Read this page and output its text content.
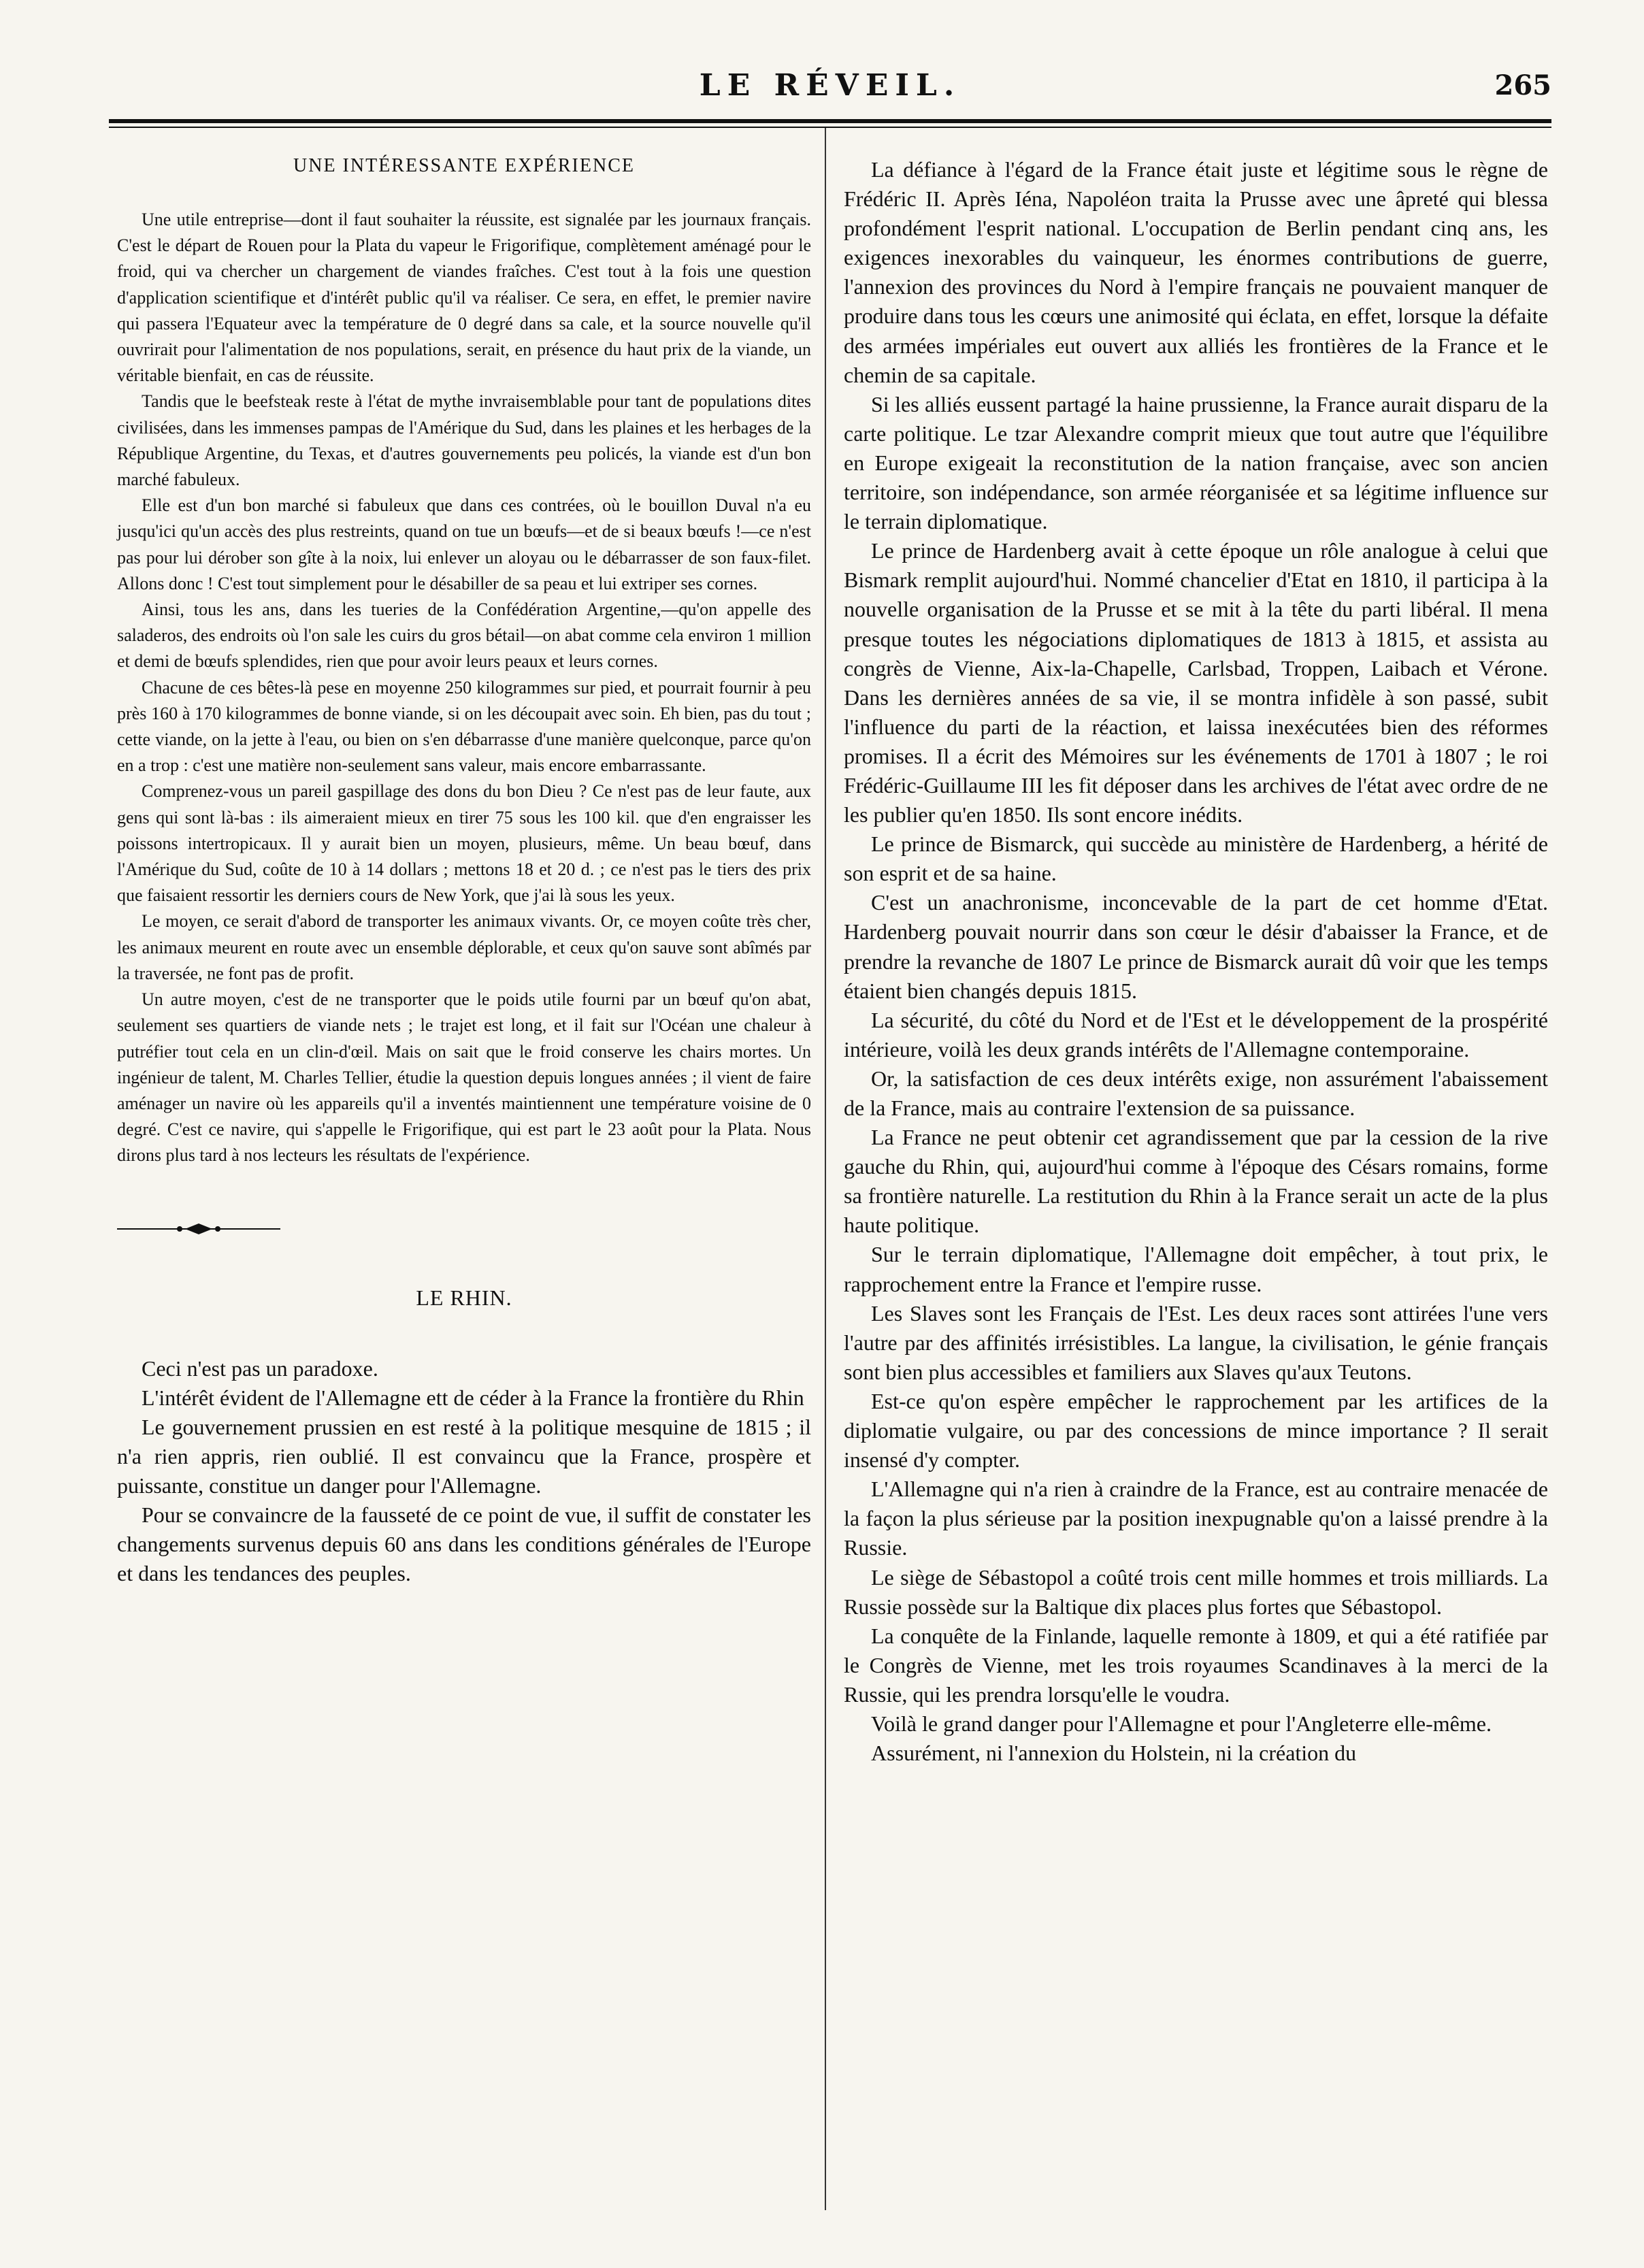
LE RÉVEIL.	265
UNE INTÉRESSANTE EXPÉRIENCE

Une utile entreprise—dont il faut souhaiter la réussite, est signalée par les journaux français. C'est le départ de Rouen pour la Plata du vapeur le Frigorifique, complètement aménagé pour le froid, qui va chercher un chargement de viandes fraîches. C'est tout à la fois une question d'application scientifique et d'intérêt public qu'il va réaliser. Ce sera, en effet, le premier navire qui passera l'Equateur avec la température de 0 degré dans sa cale, et la source nouvelle qu'il ouvrirait pour l'alimentation de nos populations, serait, en présence du haut prix de la viande, un véritable bienfait, en cas de réussite.

Tandis que le beefsteak reste à l'état de mythe invraisemblable pour tant de populations dites civilisées, dans les immenses pampas de l'Amérique du Sud, dans les plaines et les herbages de la République Argentine, du Texas, et d'autres gouvernements peu policés, la viande est d'un bon marché fabuleux.

Elle est d'un bon marché si fabuleux que dans ces contrées, où le bouillon Duval n'a eu jusqu'ici qu'un accès des plus restreints, quand on tue un bœufs—et de si beaux bœufs !—ce n'est pas pour lui dérober son gîte à la noix, lui enlever un aloyau ou le débarrasser de son faux-filet. Allons donc ! C'est tout simplement pour le désabiller de sa peau et lui extriper ses cornes.

Ainsi, tous les ans, dans les tueries de la Confédération Argentine,—qu'on appelle des saladeros, des endroits où l'on sale les cuirs du gros bétail—on abat comme cela environ 1 million et demi de bœufs splendides, rien que pour avoir leurs peaux et leurs cornes.

Chacune de ces bêtes-là pese en moyenne 250 kilogrammes sur pied, et pourrait fournir à peu près 160 à 170 kilogrammes de bonne viande, si on les découpait avec soin. Eh bien, pas du tout ; cette viande, on la jette à l'eau, ou bien on s'en débarrasse d'une manière quelconque, parce qu'on en a trop : c'est une matière non-seulement sans valeur, mais encore embarrassante.

Comprenez-vous un pareil gaspillage des dons du bon Dieu ? Ce n'est pas de leur faute, aux gens qui sont là-bas : ils aimeraient mieux en tirer 75 sous les 100 kil. que d'en engraisser les poissons intertropicaux. Il y aurait bien un moyen, plusieurs, même. Un beau bœuf, dans l'Amérique du Sud, coûte de 10 à 14 dollars ; mettons 18 et 20 d. ; ce n'est pas le tiers des prix que faisaient ressortir les derniers cours de New York, que j'ai là sous les yeux.

Le moyen, ce serait d'abord de transporter les animaux vivants. Or, ce moyen coûte très cher, les animaux meurent en route avec un ensemble déplorable, et ceux qu'on sauve sont abîmés par la traversée, ne font pas de profit.

Un autre moyen, c'est de ne transporter que le poids utile fourni par un bœuf qu'on abat, seulement ses quartiers de viande nets ; le trajet est long, et il fait sur l'Océan une chaleur à putréfier tout cela en un clin-d'œil. Mais on sait que le froid conserve les chairs mortes. Un ingénieur de talent, M. Charles Tellier, étudie la question depuis longues années ; il vient de faire aménager un navire où les appareils qu'il a inventés maintiennent une température voisine de 0 degré. C'est ce navire, qui s'appelle le Frigorifique, qui est part le 23 août pour la Plata. Nous dirons plus tard à nos lecteurs les résultats de l'expérience.

LE RHIN.

Ceci n'est pas un paradoxe.

L'intérêt évident de l'Allemagne ett de céder à la France la frontière du Rhin

Le gouvernement prussien en est resté à la politique mesquine de 1815 ; il n'a rien appris, rien oublié. Il est convaincu que la France, prospère et puissante, constitue un danger pour l'Allemagne.

Pour se convaincre de la fausseté de ce point de vue, il suffit de constater les changements survenus depuis 60 ans dans les conditions générales de l'Europe et dans les tendances des peuples.

La défiance à l'égard de la France était juste et légitime sous le règne de Frédéric II. Après Iéna, Napoléon traita la Prusse avec une âpreté qui blessa profondément l'esprit national. L'occupation de Berlin pendant cinq ans, les exigences inexorables du vainqueur, les énormes contributions de guerre, l'annexion des provinces du Nord à l'empire français ne pouvaient manquer de produire dans tous les cœurs une animosité qui éclata, en effet, lorsque la défaite des armées impériales eut ouvert aux alliés les frontières de la France et le chemin de sa capitale.

Si les alliés eussent partagé la haine prussienne, la France aurait disparu de la carte politique. Le tzar Alexandre comprit mieux que tout autre que l'équilibre en Europe exigeait la reconstitution de la nation française, avec son ancien territoire, son indépendance, son armée réorganisée et sa légitime influence sur le terrain diplomatique.

Le prince de Hardenberg avait à cette époque un rôle analogue à celui que Bismark remplit aujourd'hui. Nommé chancelier d'Etat en 1810, il participa à la nouvelle organisation de la Prusse et se mit à la tête du parti libéral. Il mena presque toutes les négociations diplomatiques de 1813 à 1815, et assista au congrès de Vienne, Aix-la-Chapelle, Carlsbad, Troppen, Laibach et Vérone. Dans les dernières années de sa vie, il se montra infidèle à son passé, subit l'influence du parti de la réaction, et laissa inexécutées bien des réformes promises. Il a écrit des Mémoires sur les événements de 1701 à 1807 ; le roi Frédéric-Guillaume III les fit déposer dans les archives de l'état avec ordre de ne les publier qu'en 1850. Ils sont encore inédits.

Le prince de Bismarck, qui succède au ministère de Hardenberg, a hérité de son esprit et de sa haine.

C'est un anachronisme, inconcevable de la part de cet homme d'Etat. Hardenberg pouvait nourrir dans son cœur le désir d'abaisser la France, et de prendre la revanche de 1807 Le prince de Bismarck aurait dû voir que les temps étaient bien changés depuis 1815.

La sécurité, du côté du Nord et de l'Est et le développement de la prospérité intérieure, voilà les deux grands intérêts de l'Allemagne contemporaine.

Or, la satisfaction de ces deux intérêts exige, non assurément l'abaissement de la France, mais au contraire l'extension de sa puissance.

La France ne peut obtenir cet agrandissement que par la cession de la rive gauche du Rhin, qui, aujourd'hui comme à l'époque des Césars romains, forme sa frontière naturelle. La restitution du Rhin à la France serait un acte de la plus haute politique.

Sur le terrain diplomatique, l'Allemagne doit empêcher, à tout prix, le rapprochement entre la France et l'empire russe.

Les Slaves sont les Français de l'Est. Les deux races sont attirées l'une vers l'autre par des affinités irrésistibles. La langue, la civilisation, le génie français sont bien plus accessibles et familiers aux Slaves qu'aux Teutons.

Est-ce qu'on espère empêcher le rapprochement par les artifices de la diplomatie vulgaire, ou par des concessions de mince importance ? Il serait insensé d'y compter.

L'Allemagne qui n'a rien à craindre de la France, est au contraire menacée de la façon la plus sérieuse par la position inexpugnable qu'on a laissé prendre à la Russie.

Le siège de Sébastopol a coûté trois cent mille hommes et trois milliards. La Russie possède sur la Baltique dix places plus fortes que Sébastopol.

La conquête de la Finlande, laquelle remonte à 1809, et qui a été ratifiée par le Congrès de Vienne, met les trois royaumes Scandinaves à la merci de la Russie, qui les prendra lorsqu'elle le voudra.

Voilà le grand danger pour l'Allemagne et pour l'Angleterre elle-même.

Assurément, ni l'annexion du Holstein, ni la création du
